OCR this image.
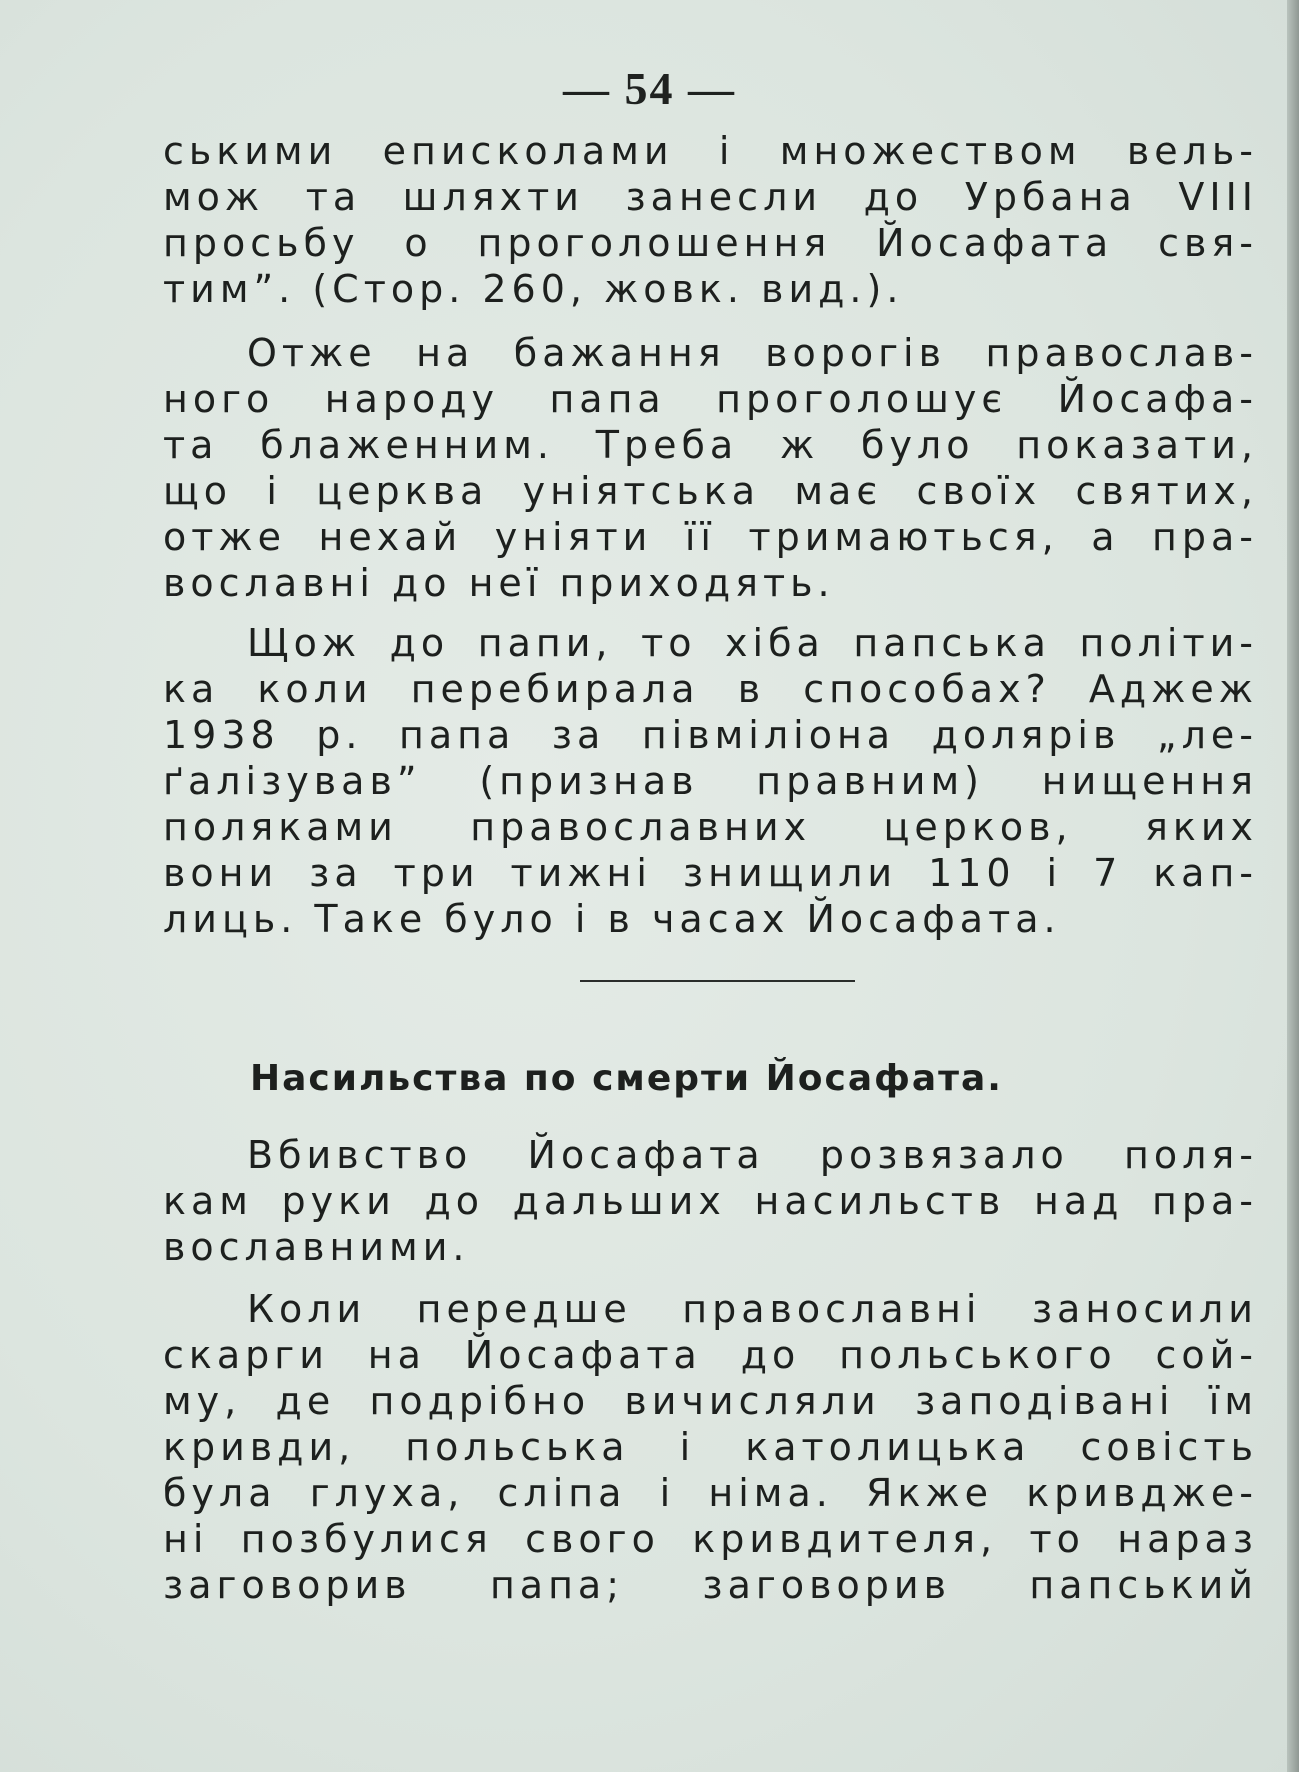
— 54 —
ськими еписколами і множеством вель-
мож та шляхти занесли до Урбана VIII
просьбу о проголошення Йосафата свя-
тим”. (Стор. 260, жовк. вид.).
Отже на бажання ворогів православ-
ного народу папа проголошує Йосафа-
та блаженним. Треба ж було показати,
що і церква уніятська має своїх святих,
отже нехай уніяти її тримаються, а пра-
вославні до неї приходять.
Щож до папи, то хіба папська політи-
ка коли перебирала в способах? Аджеж
1938 р. папа за півміліона долярів „ле-
ґалізував” (признав правним) нищення
поляками православних церков, яких
вони за три тижні знищили 110 і 7 кап-
лиць. Таке було і в часах Йосафата.
Насильства по смерти Йосафата.
Вбивство Йосафата розвязало поля-
кам руки до дальших насильств над пра-
вославними.
Коли передше православні заносили
скарги на Йосафата до польського сой-
му, де подрібно вичисляли заподівані їм
кривди, польська і католицька совість
була глуха, сліпа і німа. Якже кривдже-
ні позбулися свого кривдителя, то нараз
заговорив папа; заговорив папський
